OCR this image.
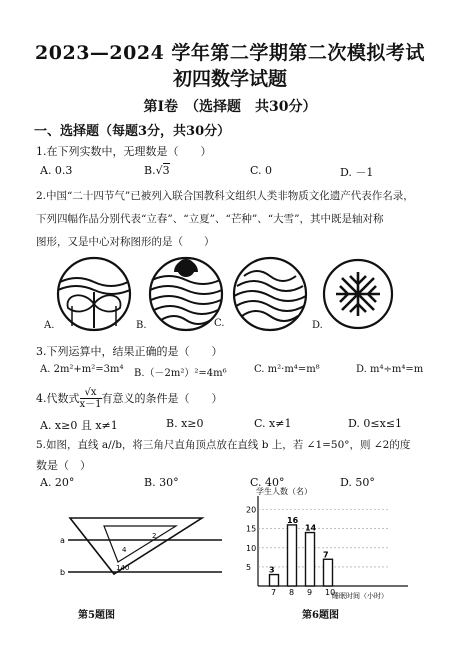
2023—2024 学年第二学期第二次模拟考试
初四数学试题
第Ⅰ卷　（选择题　共30分）
一、选择题（每题3分，共30分）
1.在下列实数中，无理数是（　　）
A. 0.3	B.√3	C. 0	D. －1
2.中国“二十四节气”已被列入联合国教科文组织人类非物质文化遗产代表作名录，
下列四幅作品分别代表“立春”、“立夏”、“芒种”、“大雪”，其中既是轴对称
图形，又是中心对称图形的是（　　）
A.	B.	C.	D.
3.下列运算中，结果正确的是（　　）
A. 2m²+m²=3m⁴ B.（－2m²）²=4m⁶	C. m²·m⁴=m⁸	D. m⁴÷m⁴=m
4.代数式 $\frac{√x}{x-1}$ 有意义的条件是（　　）
A. x≥0 且 x≠1	B. x≥0	C. x≠1	D. 0≤x≤1
5.如图，直线 a//b，将三角尺直角顶点放在直线 b 上，若 ∠1=50°，则 ∠2的度
数是（　）
A. 20°	B. 30°	C. 40°	D. 50°
a
b
2
4
140
第5题图
学生人数（名）
睡眠时间（小时）
5
10
15
20
3
7
16
8
14
9
7
10
第6题图
